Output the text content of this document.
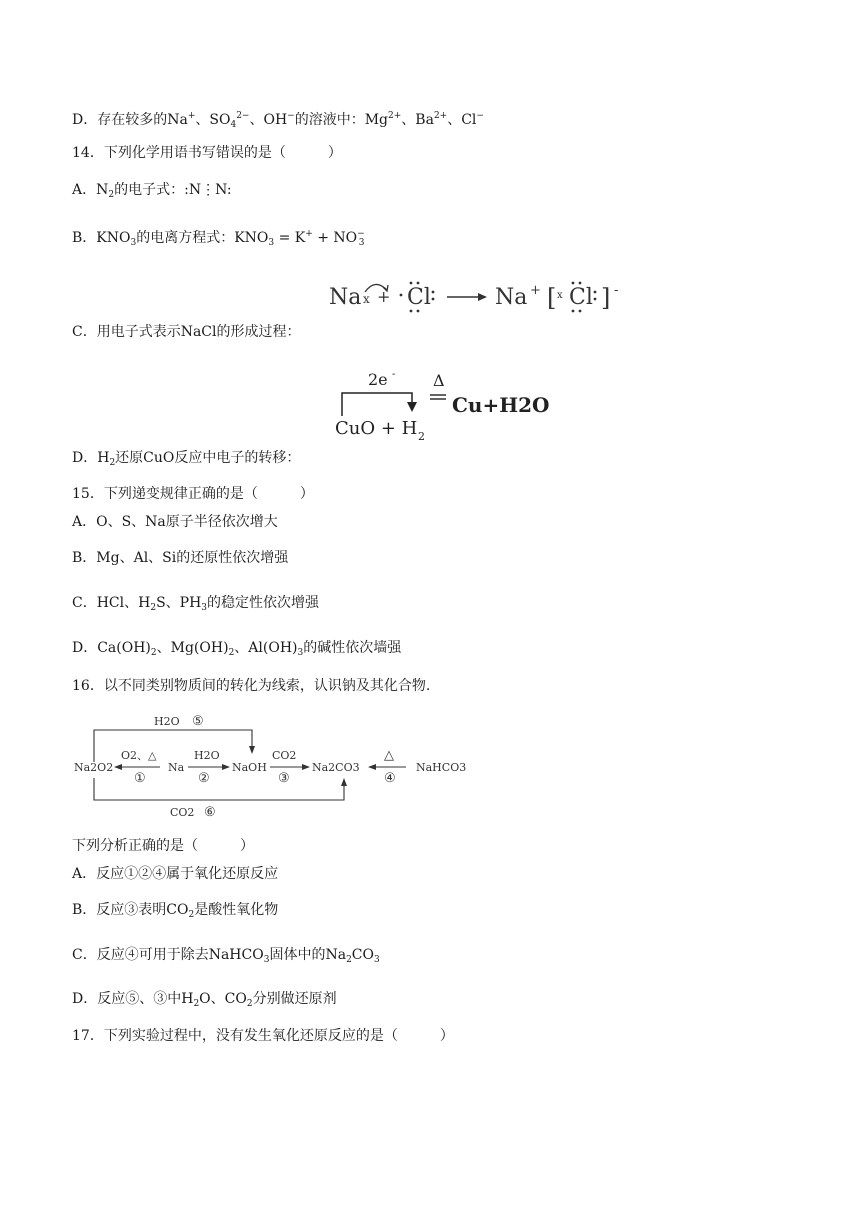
D．存在较多的Na+、$SO_4^{2-}$、OH−的溶液中：$Mg^{2+}$、$Ba^{2+}$、Cl−
14．下列化学用语书写错误的是（	）
A．$N_2$的电子式：:N⋮N:
B．$KNO_3$的电离方程式：$KNO_3 = K^+ + NO^-_3$
Na x + Cl	Na + [ x Cl ] -
C．用电子式表示NaCl的形成过程：
2e - Δ
CuO + H 2
Cu+H2O
D．$H_2$还原CuO反应中电子的转移：
15．下列递变规律正确的是（	）
A．O、S、Na原子半径依次增大
B．Mg、Al、Si的还原性依次增强
C．HCl、$H_2S$、$PH_3$的稳定性依次增强
D．$Ca(OH)_2$、$Mg(OH)_2$、$Al(OH)_3$的碱性依次墙强
16．以不同类别物质间的转化为线索，认识钠及其化合物.
H2O ⑤
Na2O2	Na	NaOH	Na2CO3	NaHCO3
O2、△
①
H2O
②
CO2
③
△
④
CO2 ⑥
下列分析正确的是（	）
A．反应①②④属于氧化还原反应
B．反应③表明$CO_2$是酸性氧化物
C．反应④可用于除去NaHCO$_3$固体中的$Na_2CO_3$
D．反应⑤、③中$H_2O$、$CO_2$分别做还原剂
17．下列实验过程中，没有发生氧化还原反应的是（	）
